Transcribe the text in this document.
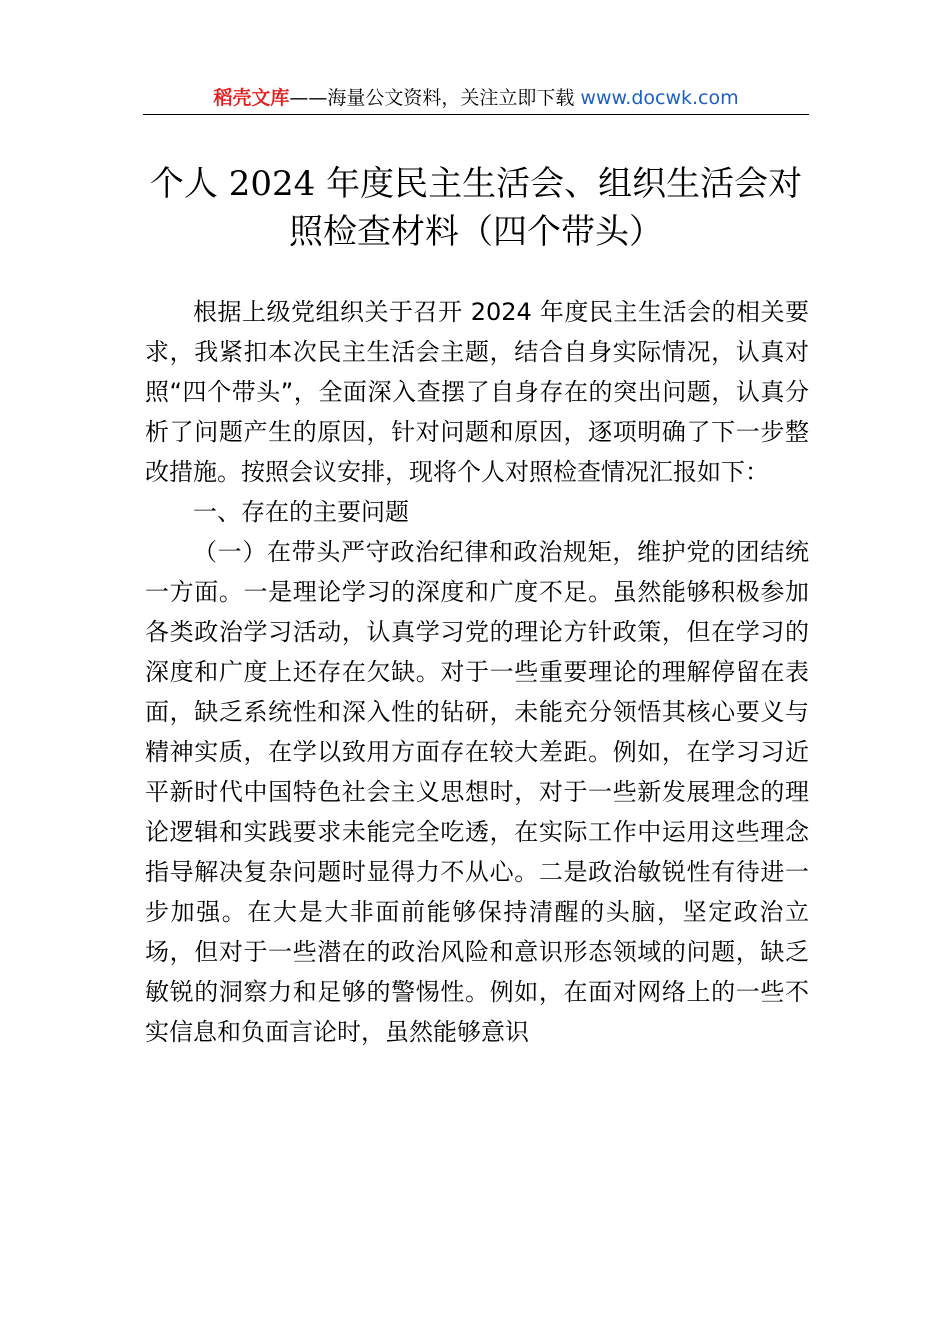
稻壳文库——海量公文资料，关注立即下载 www.docwk.com
个人 2024 年度民主生活会、组织生活会对照检查材料（四个带头）

根据上级党组织关于召开 2024 年度民主生活会的相关要求，我紧扣本次民主生活会主题，结合自身实际情况，认真对照“四个带头”，全面深入查摆了自身存在的突出问题，认真分析了问题产生的原因，针对问题和原因，逐项明确了下一步整改措施。按照会议安排，现将个人对照检查情况汇报如下：

一、存在的主要问题

（一）在带头严守政治纪律和政治规矩，维护党的团结统一方面。一是理论学习的深度和广度不足。虽然能够积极参加各类政治学习活动，认真学习党的理论方针政策，但在学习的深度和广度上还存在欠缺。对于一些重要理论的理解停留在表面，缺乏系统性和深入性的钻研，未能充分领悟其核心要义与精神实质，在学以致用方面存在较大差距。例如，在学习习近平新时代中国特色社会主义思想时，对于一些新发展理念的理论逻辑和实践要求未能完全吃透，在实际工作中运用这些理念指导解决复杂问题时显得力不从心。二是政治敏锐性有待进一步加强。在大是大非面前能够保持清醒的头脑，坚定政治立场，但对于一些潜在的政治风险和意识形态领域的问题，缺乏敏锐的洞察力和足够的警惕性。例如，在面对网络上的一些不实信息和负面言论时，虽然能够意识
